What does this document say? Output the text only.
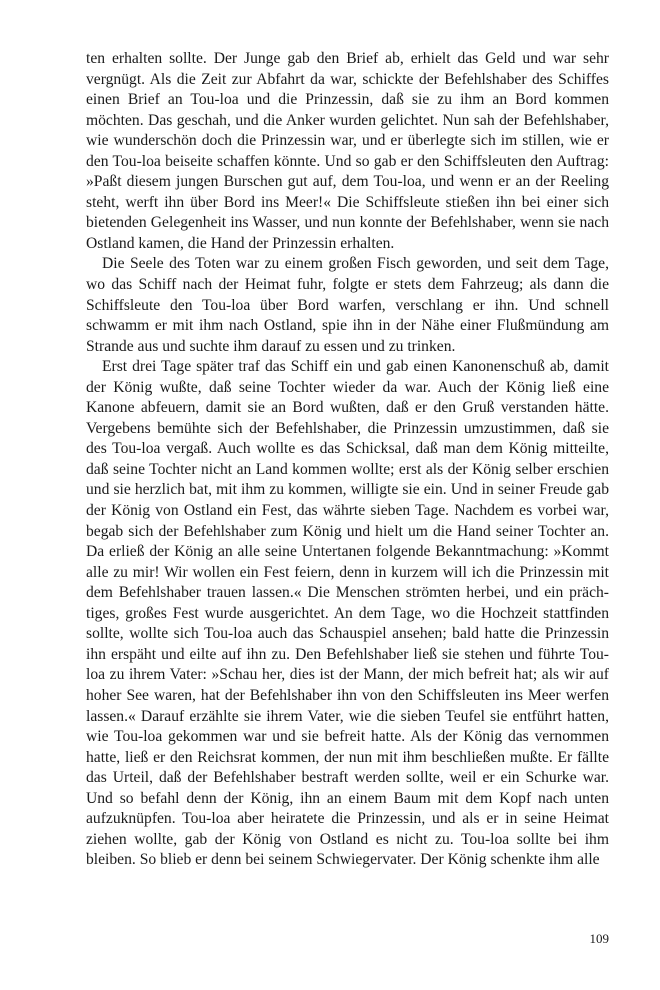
ten erhalten sollte. Der Junge gab den Brief ab, erhielt das Geld und war sehr vergnügt. Als die Zeit zur Abfahrt da war, schickte der Befehlshaber des Schiffes einen Brief an Tou-loa und die Prinzessin, daß sie zu ihm an Bord kommen möchten. Das geschah, und die Anker wurden gelichtet. Nun sah der Befehlshaber, wie wunderschön doch die Prinzessin war, und er überlegte sich im stillen, wie er den Tou-loa beiseite schaffen könnte. Und so gab er den Schiffsleuten den Auftrag: »Paßt diesem jungen Burschen gut auf, dem Tou-loa, und wenn er an der Reeling steht, werft ihn über Bord ins Meer!« Die Schiffsleute stießen ihn bei einer sich bietenden Gelegenheit ins Wasser, und nun konnte der Befehlshaber, wenn sie nach Ostland kamen, die Hand der Prinzessin erhalten.

Die Seele des Toten war zu einem großen Fisch geworden, und seit dem Tage, wo das Schiff nach der Heimat fuhr, folgte er stets dem Fahrzeug; als dann die Schiffsleute den Tou-loa über Bord warfen, verschlang er ihn. Und schnell schwamm er mit ihm nach Ostland, spie ihn in der Nähe einer Flußmündung am Strande aus und suchte ihm darauf zu essen und zu trinken.

Erst drei Tage später traf das Schiff ein und gab einen Kanonenschuß ab, damit der König wußte, daß seine Tochter wieder da war. Auch der König ließ eine Kanone abfeuern, damit sie an Bord wußten, daß er den Gruß verstanden hätte. Vergebens bemühte sich der Befehlshaber, die Prinzessin umzustimmen, daß sie des Tou-loa vergaß. Auch wollte es das Schicksal, daß man dem König mitteilte, daß seine Tochter nicht an Land kommen wollte; erst als der König selber erschien und sie herzlich bat, mit ihm zu kommen, willigte sie ein. Und in seiner Freude gab der König von Ostland ein Fest, das währte sieben Tage. Nachdem es vorbei war, begab sich der Befehlshaber zum König und hielt um die Hand seiner Tochter an. Da erließ der König an alle seine Untertanen folgende Bekanntmachung: »Kommt alle zu mir! Wir wollen ein Fest feiern, denn in kurzem will ich die Prinzessin mit dem Befehlshaber trauen lassen.« Die Menschen strömten herbei, und ein prächtiges, großes Fest wurde ausgerichtet. An dem Tage, wo die Hochzeit stattfinden sollte, wollte sich Tou-loa auch das Schauspiel ansehen; bald hatte die Prinzessin ihn erspäht und eilte auf ihn zu. Den Befehlshaber ließ sie stehen und führte Tou-loa zu ihrem Vater: »Schau her, dies ist der Mann, der mich befreit hat; als wir auf hoher See waren, hat der Befehlshaber ihn von den Schiffsleuten ins Meer werfen lassen.« Darauf erzählte sie ihrem Vater, wie die sieben Teufel sie entführt hatten, wie Tou-loa gekommen war und sie befreit hatte. Als der König das vernommen hatte, ließ er den Reichsrat kommen, der nun mit ihm beschließen mußte. Er fällte das Urteil, daß der Befehlshaber bestraft werden sollte, weil er ein Schurke war. Und so befahl denn der König, ihn an einem Baum mit dem Kopf nach unten aufzuknüpfen. Tou-loa aber heiratete die Prinzessin, und als er in seine Heimat ziehen wollte, gab der König von Ostland es nicht zu. Tou-loa sollte bei ihm bleiben. So blieb er denn bei seinem Schwiegervater. Der König schenkte ihm alle

109
